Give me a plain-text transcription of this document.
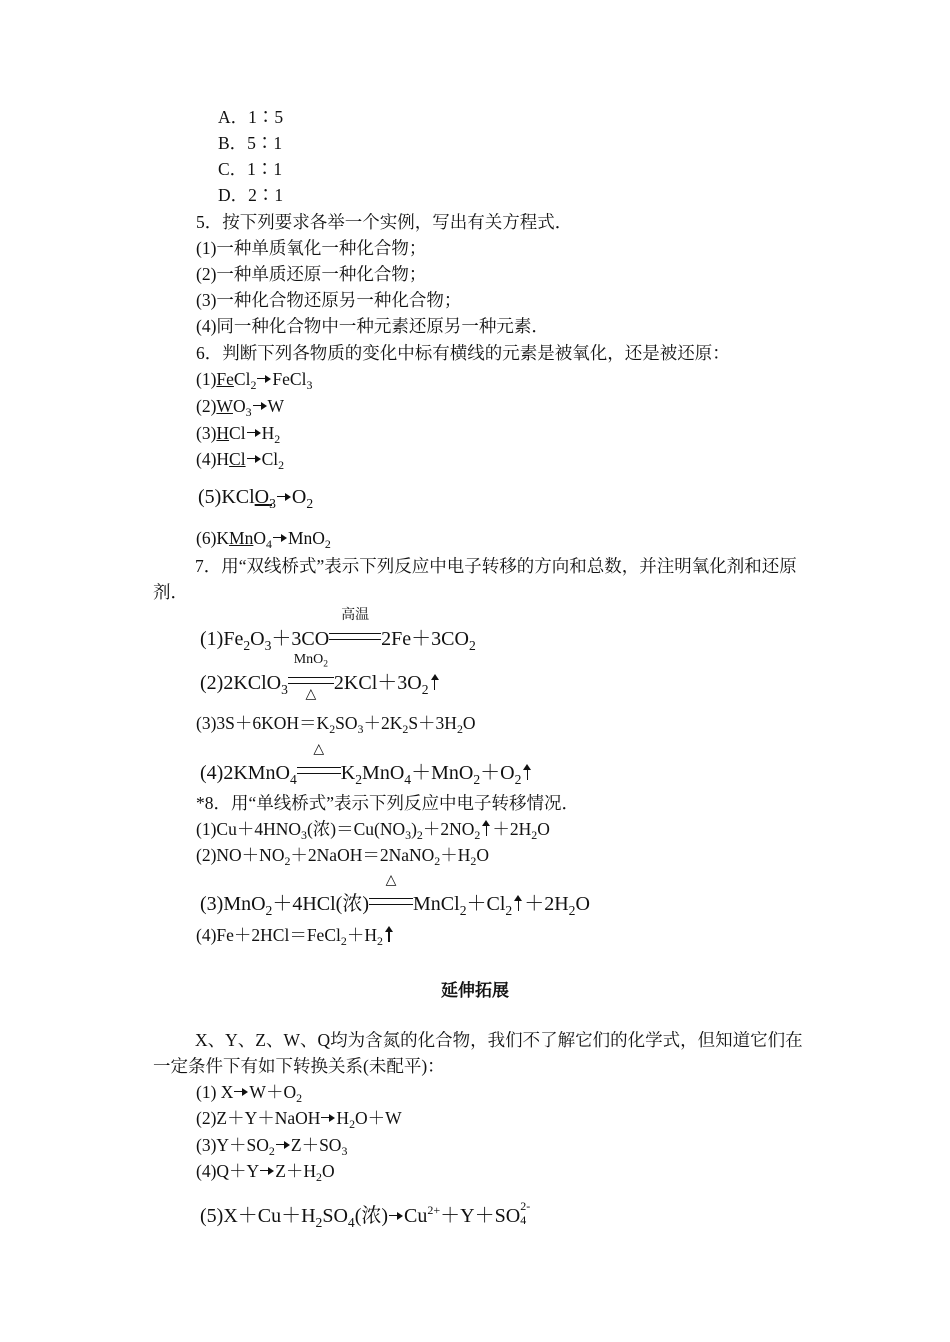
A．1∶5
B．5∶1
C．1∶1
D．2∶1
5．按下列要求各举一个实例，写出有关方程式．
(1)一种单质氧化一种化合物；
(2)一种单质还原一种化合物；
(3)一种化合物还原另一种化合物；
(4)同一种化合物中一种元素还原另一种元素．
6．判断下列各物质的变化中标有横线的元素是被氧化，还是被还原：
(1)FeCl$_2$ FeCl$_3$
$(2)WO_3$ W
(3)HCl $H_2$
(4)HCl $Cl_2$
(5)KClO$_3$ $O_2$
(6)KMnO$_4$ MnO$_2$
7．用“双线桥式”表示下列反应中电子转移的方向和总数，并注明氧化剂和还原剂．
$(1)Fe_2O_3+3CO$
高温
$2Fe+3CO_2$
(2)2KClO$_3$
MnO$_2$
△
$2KCl+3O_2$
$(3)3S+6KOH=K_2SO_3+2K_2S+3H_2O$
(4)2KMnO$_4$
△
$K_2MnO_4+MnO_2+O_2$
*8．用“单线桥式”表示下列反应中电子转移情况．
$(1)Cu+4HNO_3$(浓)$=Cu(NO_3)_2+2NO_2 +2H_2O$
$(2)NO+NO_2+2NaOH=2NaNO_2+H_2O$
(3)MnO$_2$＋4HCl(浓)
△
$MnCl_2+Cl_2 +2H_2O$
$(4)Fe+2HCl=FeCl_2+H_2$
延伸拓展
X、Y、Z、W、Q均为含氮的化合物，我们不了解它们的化学式，但知道它们在一定条件下有如下转换关系(未配平)：
(1) X $W+O_2$
(2)Z＋Y＋NaOH $H_2O+W$
$(3)Y+SO_2$ $Z+SO_3$
(4)Q＋Y $Z+H_2O$
$(5)X+Cu+H_2SO_4$(浓) $Cu^{2+}+Y+SO$ 2-
4
